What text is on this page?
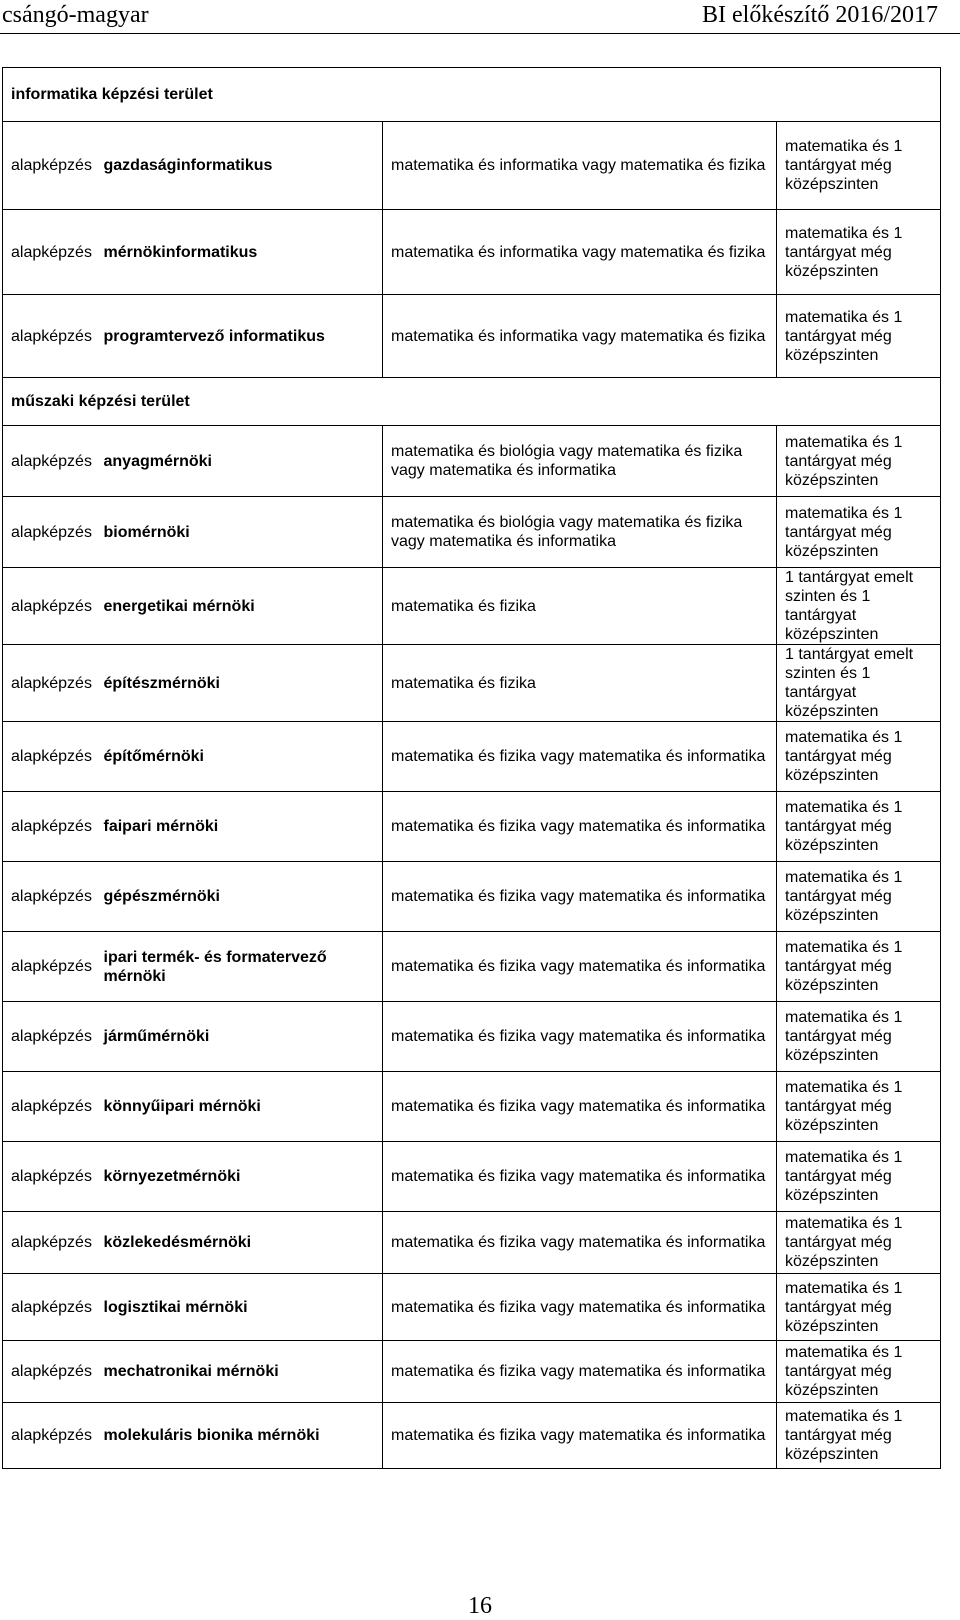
csángó-magyar	BI előkészítő 2016/2017
informatika képzési terület			
alapképzés	gazdaságinformatikus	matematika és informatika vagy matematika és fizika	matematika és 1 tantárgyat még középszinten
alapképzés	mérnökinformatikus	matematika és informatika vagy matematika és fizika	matematika és 1 tantárgyat még középszinten
alapképzés	programtervező informatikus	matematika és informatika vagy matematika és fizika	matematika és 1 tantárgyat még középszinten
műszaki képzési terület			
alapképzés	anyagmérnöki	matematika és biológia vagy matematika és fizika vagy matematika és informatika	matematika és 1 tantárgyat még középszinten
alapképzés	biomérnöki	matematika és biológia vagy matematika és fizika vagy matematika és informatika	matematika és 1 tantárgyat még középszinten
alapképzés	energetikai mérnöki	matematika és fizika	1 tantárgyat emelt szinten és 1 tantárgyat középszinten
alapképzés	építészmérnöki	matematika és fizika	1 tantárgyat emelt szinten és 1 tantárgyat középszinten
alapképzés	építőmérnöki	matematika és fizika vagy matematika és informatika	matematika és 1 tantárgyat még középszinten
alapképzés	faipari mérnöki	matematika és fizika vagy matematika és informatika	matematika és 1 tantárgyat még középszinten
alapképzés	gépészmérnöki	matematika és fizika vagy matematika és informatika	matematika és 1 tantárgyat még középszinten
alapképzés	ipari termék- és formatervező mérnöki	matematika és fizika vagy matematika és informatika	matematika és 1 tantárgyat még középszinten
alapképzés	járműmérnöki	matematika és fizika vagy matematika és informatika	matematika és 1 tantárgyat még középszinten
alapképzés	könnyűipari mérnöki	matematika és fizika vagy matematika és informatika	matematika és 1 tantárgyat még középszinten
alapképzés	környezetmérnöki	matematika és fizika vagy matematika és informatika	matematika és 1 tantárgyat még középszinten
alapképzés	közlekedésmérnöki	matematika és fizika vagy matematika és informatika	matematika és 1 tantárgyat még középszinten
alapképzés	logisztikai mérnöki	matematika és fizika vagy matematika és informatika	matematika és 1 tantárgyat még középszinten
alapképzés	mechatronikai mérnöki	matematika és fizika vagy matematika és informatika	matematika és 1 tantárgyat még középszinten
alapképzés	molekuláris bionika mérnöki	matematika és fizika vagy matematika és informatika	matematika és 1 tantárgyat még középszinten
16
